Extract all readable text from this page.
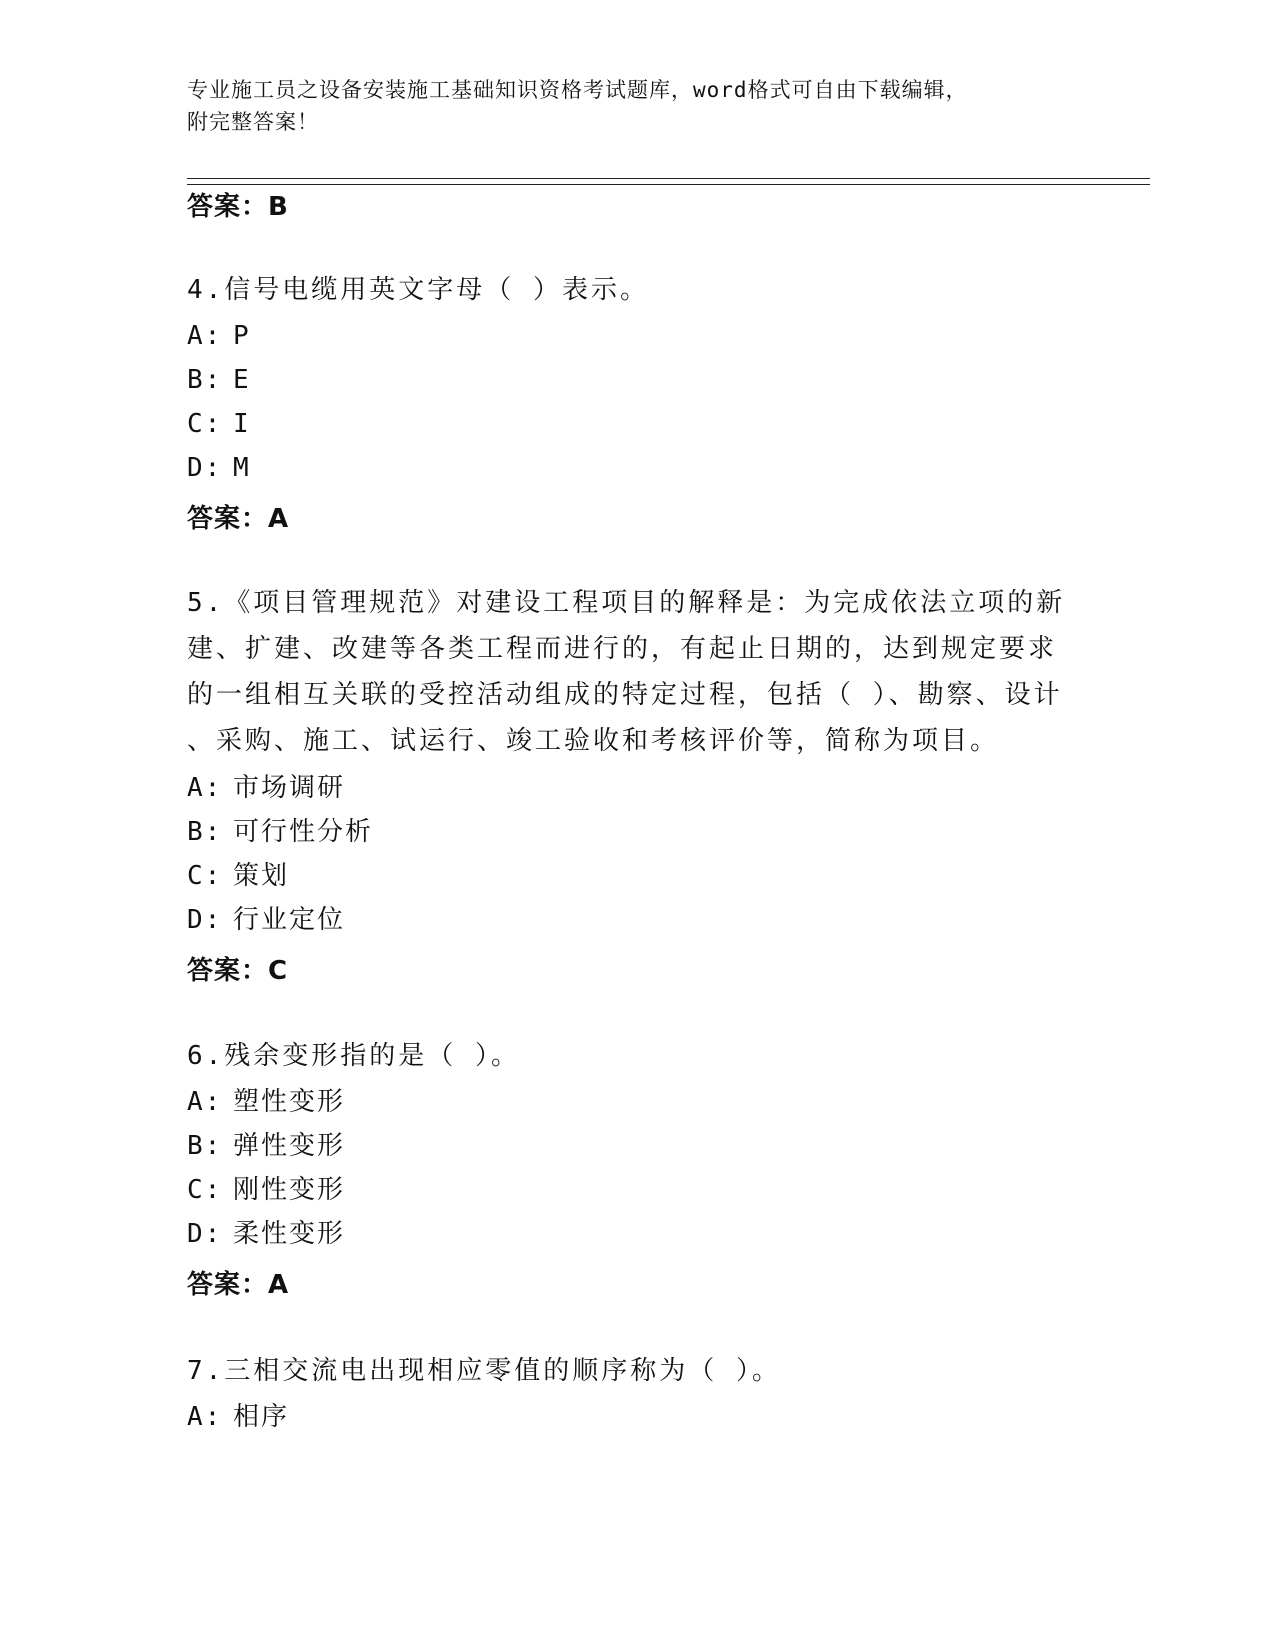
专业施工员之设备安装施工基础知识资格考试题库，word格式可自由下载编辑，
附完整答案！
答案：B
4.信号电缆用英文字母（ ）表示。
A: P
B: E
C: I
D: M
答案：A
5.《项目管理规范》对建设工程项目的解释是：为完成依法立项的新
建、扩建、改建等各类工程而进行的，有起止日期的，达到规定要求
的一组相互关联的受控活动组成的特定过程，包括（ ）、勘察、设计
、采购、施工、试运行、竣工验收和考核评价等，简称为项目。
A: 市场调研
B: 可行性分析
C: 策划
D: 行业定位
答案：C
6.残余变形指的是（ ）。
A: 塑性变形
B: 弹性变形
C: 刚性变形
D: 柔性变形
答案：A
7.三相交流电出现相应零值的顺序称为（ ）。
A: 相序
